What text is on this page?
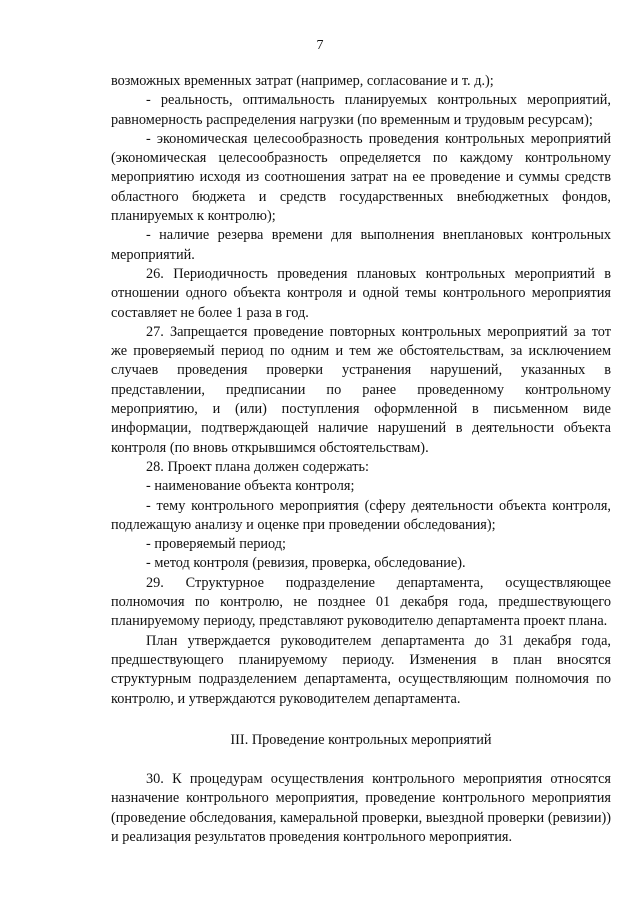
7

возможных временных затрат (например, согласование и т. д.);

- реальность, оптимальность планируемых контрольных мероприятий, равномерность распределения нагрузки (по временным и трудовым ресурсам);

- экономическая целесообразность проведения контрольных мероприятий (экономическая целесообразность определяется по каждому контрольному мероприятию исходя из соотношения затрат на ее проведение и суммы средств областного бюджета и средств государственных внебюджетных фондов, планируемых к контролю);

- наличие резерва времени для выполнения внеплановых контрольных мероприятий.

26. Периодичность проведения плановых контрольных мероприятий в отношении одного объекта контроля и одной темы контрольного мероприятия составляет не более 1 раза в год.

27. Запрещается проведение повторных контрольных мероприятий за тот же проверяемый период по одним и тем же обстоятельствам, за исключением случаев проведения проверки устранения нарушений, указанных в представлении, предписании по ранее проведенному контрольному мероприятию, и (или) поступления оформленной в письменном виде информации, подтверждающей наличие нарушений в деятельности объекта контроля (по вновь открывшимся обстоятельствам).

28. Проект плана должен содержать:

- наименование объекта контроля;

- тему контрольного мероприятия (сферу деятельности объекта контроля, подлежащую анализу и оценке при проведении обследования);

- проверяемый период;

- метод контроля (ревизия, проверка, обследование).

29. Структурное подразделение департамента, осуществляющее полномочия по контролю, не позднее 01 декабря года, предшествующего планируемому периоду, представляют руководителю департамента проект плана.

План утверждается руководителем департамента до 31 декабря года, предшествующего планируемому периоду. Изменения в план вносятся структурным подразделением департамента, осуществляющим полномочия по контролю, и утверждаются руководителем департамента.

III. Проведение контрольных мероприятий

30. К процедурам осуществления контрольного мероприятия относятся назначение контрольного мероприятия, проведение контрольного мероприятия (проведение обследования, камеральной проверки, выездной проверки (ревизии)) и реализация результатов проведения контрольного мероприятия.
